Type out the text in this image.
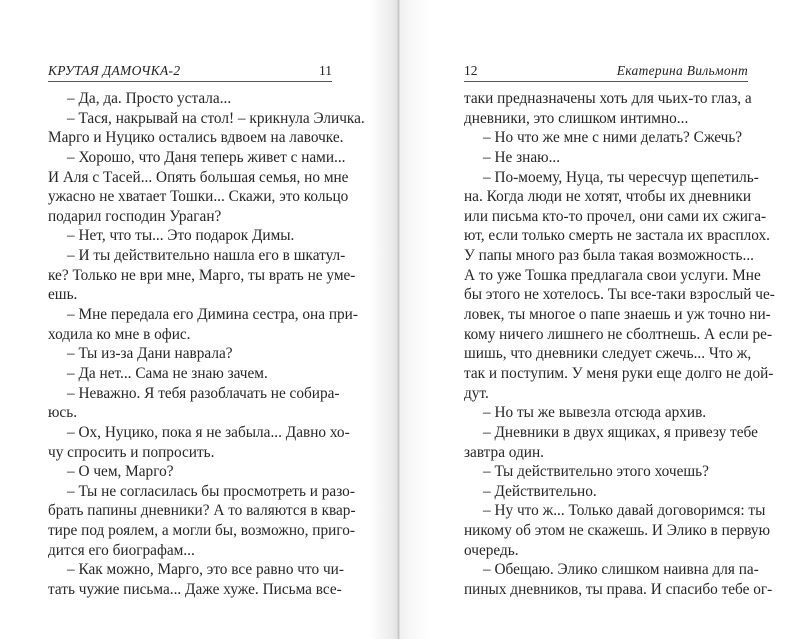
КРУТАЯ ДАМОЧКА-2	11
– Да, да. Просто устала...
– Тася, накрывай на стол! – крикнула Эличка.
Марго и Нуцико остались вдвоем на лавочке.
– Хорошо, что Даня теперь живет с нами...
И Аля с Тасей... Опять большая семья, но мне
ужасно не хватает Тошки... Скажи, это кольцо
подарил господин Ураган?
– Нет, что ты... Это подарок Димы.
– И ты действительно нашла его в шкатул-
ке? Только не ври мне, Марго, ты врать не уме-
ешь.
– Мне передала его Димина сестра, она при-
ходила ко мне в офис.
– Ты из-за Дани наврала?
– Да нет... Сама не знаю зачем.
– Неважно. Я тебя разоблачать не собира-
юсь.
– Ох, Нуцико, пока я не забыла... Давно хо-
чу спросить и попросить.
– О чем, Марго?
– Ты не согласилась бы просмотреть и разо-
брать папины дневники? А то валяются в квар-
тире под роялем, а могли бы, возможно, приго-
дится его биографам...
– Как можно, Марго, это все равно что чи-
тать чужие письма... Даже хуже. Письма все-
12	Екатерина Вильмонт
таки предназначены хоть для чьих-то глаз, а
дневники, это слишком интимно...
– Но что же мне с ними делать? Сжечь?
– Не знаю...
– По-моему, Нуца, ты чересчур щепетиль-
на. Когда люди не хотят, чтобы их дневники
или письма кто-то прочел, они сами их сжига-
ют, если только смерть не застала их врасплох.
У папы много раз была такая возможность...
А то уже Тошка предлагала свои услуги. Мне
бы этого не хотелось. Ты все-таки взрослый че-
ловек, ты многое о папе знаешь и уж точно ни-
кому ничего лишнего не сболтнешь. А если ре-
шишь, что дневники следует сжечь... Что ж,
так и поступим. У меня руки еще долго не дой-
дут.
– Но ты же вывезла отсюда архив.
– Дневники в двух ящиках, я привезу тебе
завтра один.
– Ты действительно этого хочешь?
– Действительно.
– Ну что ж... Только давай договоримся: ты
никому об этом не скажешь. И Элико в первую
очередь.
– Обещаю. Элико слишком наивна для па-
пиных дневников, ты права. И спасибо тебе ог-
